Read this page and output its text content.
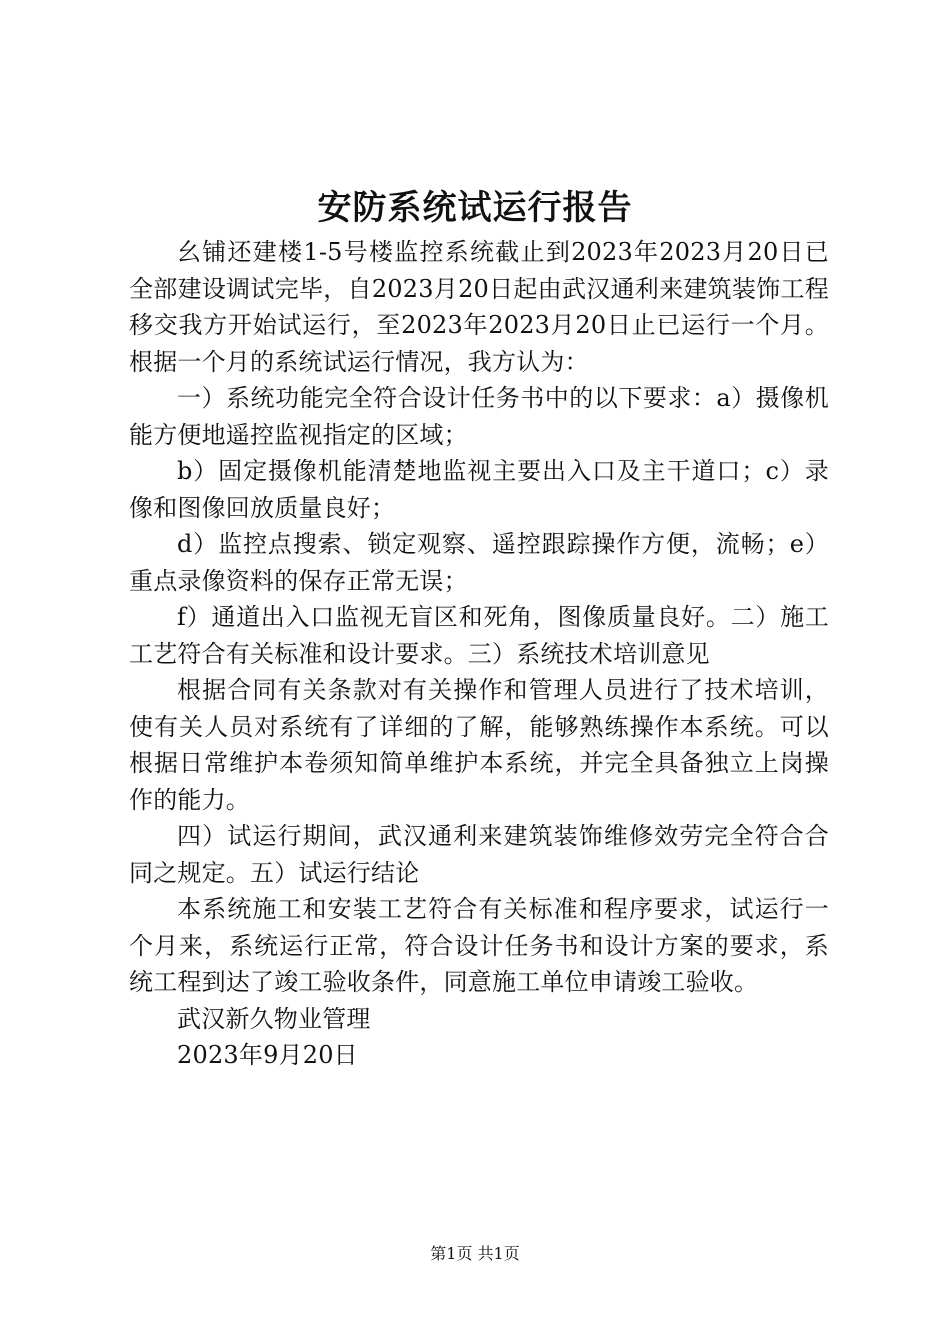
安防系统试运行报告

幺铺还建楼1-5号楼监控系统截止到2023年2023月20日已全部建设调试完毕，自2023月20日起由武汉通利来建筑装饰工程移交我方开始试运行，至2023年2023月20日止已运行一个月。根据一个月的系统试运行情况，我方认为：

一）系统功能完全符合设计任务书中的以下要求：a）摄像机能方便地遥控监视指定的区域；

b）固定摄像机能清楚地监视主要出入口及主干道口；c）录像和图像回放质量良好；

d）监控点搜索、锁定观察、遥控跟踪操作方便，流畅；e）重点录像资料的保存正常无误；

f）通道出入口监视无盲区和死角，图像质量良好。二）施工工艺符合有关标准和设计要求。三）系统技术培训意见

根据合同有关条款对有关操作和管理人员进行了技术培训，使有关人员对系统有了详细的了解，能够熟练操作本系统。可以根据日常维护本卷须知简单维护本系统，并完全具备独立上岗操作的能力。

四）试运行期间，武汉通利来建筑装饰维修效劳完全符合合同之规定。五）试运行结论

本系统施工和安装工艺符合有关标准和程序要求，试运行一个月来，系统运行正常，符合设计任务书和设计方案的要求，系统工程到达了竣工验收条件，同意施工单位申请竣工验收。

武汉新久物业管理

2023年9月20日

第1页 共1页
